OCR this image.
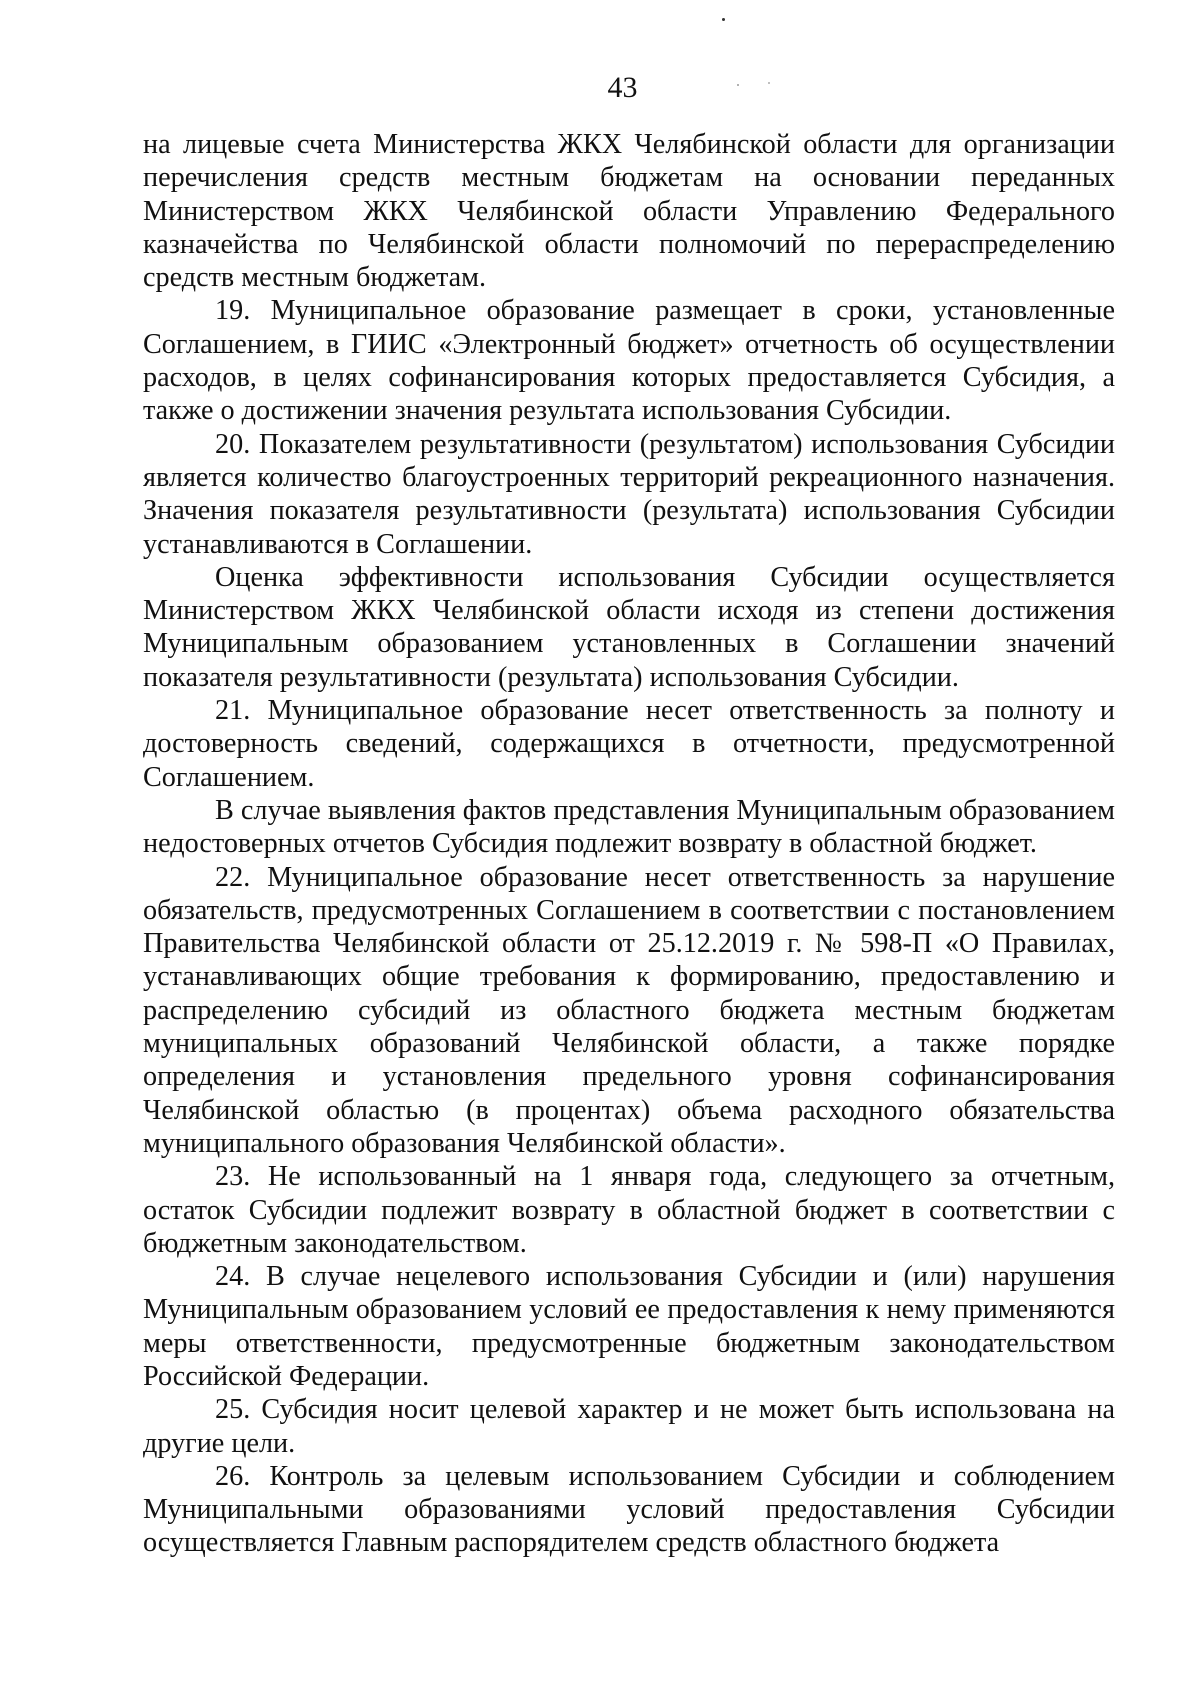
43

на лицевые счета Министерства ЖКХ Челябинской области для организации перечисления средств местным бюджетам на основании переданных Министерством ЖКХ Челябинской области Управлению Федерального казначейства по Челябинской области полномочий по перераспределению средств местным бюджетам.

19. Муниципальное образование размещает в сроки, установленные Соглашением, в ГИИС «Электронный бюджет» отчетность об осуществлении расходов, в целях софинансирования которых предоставляется Субсидия, а также о достижении значения результата использования Субсидии.

20. Показателем результативности (результатом) использования Субсидии является количество благоустроенных территорий рекреационного назначения. Значения показателя результативности (результата) использования Субсидии устанавливаются в Соглашении.

Оценка эффективности использования Субсидии осуществляется Министерством ЖКХ Челябинской области исходя из степени достижения Муниципальным образованием установленных в Соглашении значений показателя результативности (результата) использования Субсидии.

21. Муниципальное образование несет ответственность за полноту и достоверность сведений, содержащихся в отчетности, предусмотренной Соглашением.

В случае выявления фактов представления Муниципальным образованием недостоверных отчетов Субсидия подлежит возврату в областной бюджет.

22. Муниципальное образование несет ответственность за нарушение обязательств, предусмотренных Соглашением в соответствии с постановлением Правительства Челябинской области от 25.12.2019 г. № 598-П «О Правилах, устанавливающих общие требования к формированию, предоставлению и распределению субсидий из областного бюджета местным бюджетам муниципальных образований Челябинской области, а также порядке определения и установления предельного уровня софинансирования Челябинской областью (в процентах) объема расходного обязательства муниципального образования Челябинской области».

23. Не использованный на 1 января года, следующего за отчетным, остаток Субсидии подлежит возврату в областной бюджет в соответствии с бюджетным законодательством.

24. В случае нецелевого использования Субсидии и (или) нарушения Муниципальным образованием условий ее предоставления к нему применяются меры ответственности, предусмотренные бюджетным законодательством Российской Федерации.

25. Субсидия носит целевой характер и не может быть использована на другие цели.

26. Контроль за целевым использованием Субсидии и соблюдением Муниципальными образованиями условий предоставления Субсидии осуществляется Главным распорядителем средств областного бюджета
